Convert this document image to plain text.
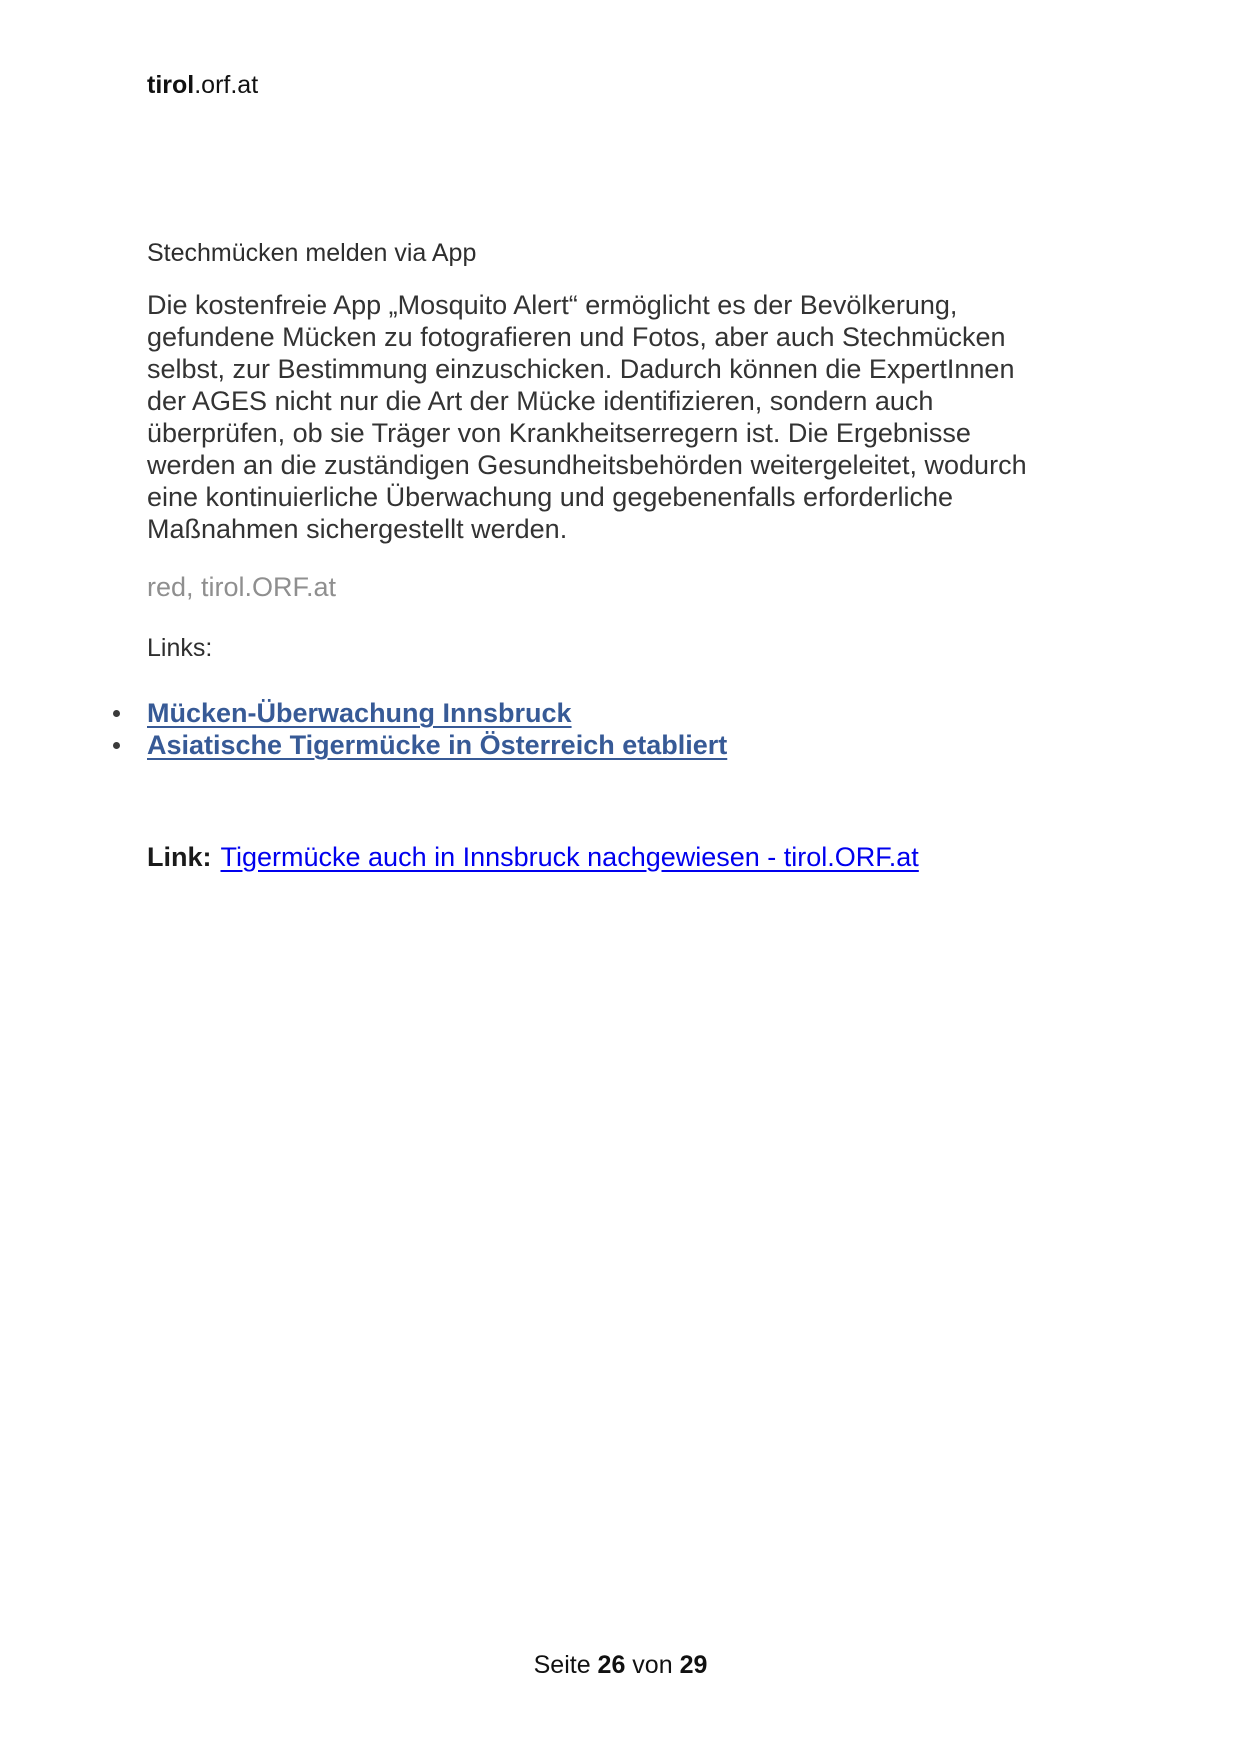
tirol.orf.at
Stechmücken melden via App
Die kostenfreie App „Mosquito Alert“ ermöglicht es der Bevölkerung,
gefundene Mücken zu fotografieren und Fotos, aber auch Stechmücken
selbst, zur Bestimmung einzuschicken. Dadurch können die ExpertInnen
der AGES nicht nur die Art der Mücke identifizieren, sondern auch
überprüfen, ob sie Träger von Krankheitserregern ist. Die Ergebnisse
werden an die zuständigen Gesundheitsbehörden weitergeleitet, wodurch
eine kontinuierliche Überwachung und gegebenenfalls erforderliche
Maßnahmen sichergestellt werden.
red, tirol.ORF.at
Links:
Mücken-Überwachung Innsbruck
Asiatische Tigermücke in Österreich etabliert
Link: Tigermücke auch in Innsbruck nachgewiesen - tirol.ORF.at
Seite 26 von 29
